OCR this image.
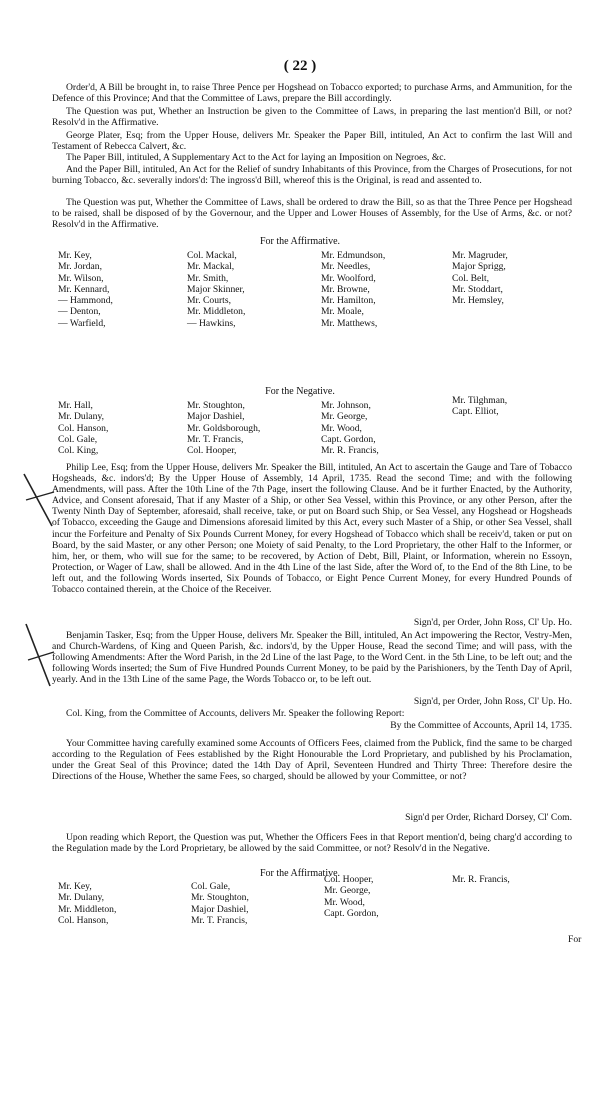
( 22 )
Order'd, A Bill be brought in, to raise Three Pence per Hogshead on Tobacco exported; to purchase Arms, and Ammunition, for the Defence of this Province; And that the Committee of Laws, prepare the Bill accordingly.
The Question was put, Whether an Instruction be given to the Committee of Laws, in preparing the last mention'd Bill, or not? Resolv'd in the Affirmative.
George Plater, Esq; from the Upper House, delivers Mr. Speaker the Paper Bill, intituled, An Act to confirm the last Will and Testament of Rebecca Calvert, &c.
The Paper Bill, intituled, A Supplementary Act to the Act for laying an Imposition on Negroes, &c.
And the Paper Bill, intituled, An Act for the Relief of sundry Inhabitants of this Province, from the Charges of Prosecutions, for not burning Tobacco, &c. severally indors'd: The ingross'd Bill, whereof this is the Original, is read and assented to.
The Question was put, Whether the Committee of Laws, shall be ordered to draw the Bill, so as that the Three Pence per Hogshead to be raised, shall be disposed of by the Governour, and the Upper and Lower Houses of Assembly, for the Use of Arms, &c. or not? Resolv'd in the Affirmative.
For the Affirmative.
Mr. Key,
Mr. Jordan,
Mr. Wilson,
Mr. Kennard,
— Hammond,
— Denton,
— Warfield,
Col. Mackal,
Mr. Mackal,
Mr. Smith,
Major Skinner,
Mr. Courts,
Mr. Middleton,
— Hawkins,
Mr. Edmundson,
Mr. Needles,
Mr. Woolford,
Mr. Browne,
Mr. Hamilton,
Mr. Moale,
Mr. Matthews,
Mr. Magruder,
Major Sprigg,
Col. Belt,
Mr. Stoddart,
Mr. Hemsley,
For the Negative.
Mr. Hall,
Mr. Dulany,
Col. Hanson,
Col. Gale,
Col. King,
Mr. Stoughton,
Major Dashiel,
Mr. Goldsborough,
Mr. T. Francis,
Col. Hooper,
Mr. Johnson,
Mr. George,
Mr. Wood,
Capt. Gordon,
Mr. R. Francis,
Mr. Tilghman,
Capt. Elliot,
Philip Lee, Esq; from the Upper House, delivers Mr. Speaker the Bill, intituled, An Act to ascertain the Gauge and Tare of Tobacco Hogsheads, &c. indors'd; By the Upper House of Assembly, 14 April, 1735. Read the second Time; and with the following Amendments, will pass. After the 10th Line of the 7th Page, insert the following Clause. And be it further Enacted, by the Authority, Advice, and Consent aforesaid, That if any Master of a Ship, or other Sea Vessel, within this Province, or any other Person, after the Twenty Ninth Day of September, aforesaid, shall receive, take, or put on Board such Ship, or Sea Vessel, any Hogshead or Hogsheads of Tobacco, exceeding the Gauge and Dimensions aforesaid limited by this Act, every such Master of a Ship, or other Sea Vessel, shall incur the Forfeiture and Penalty of Six Pounds Current Money, for every Hogshead of Tobacco which shall be receiv'd, taken or put on Board, by the said Master, or any other Person; one Moiety of said Penalty, to the Lord Proprietary, the other Half to the Informer, or him, her, or them, who will sue for the same; to be recovered, by Action of Debt, Bill, Plaint, or Information, wherein no Essoyn, Protection, or Wager of Law, shall be allowed. And in the 4th Line of the last Side, after the Word of, to the End of the 8th Line, to be left out, and the following Words inserted, Six Pounds of Tobacco, or Eight Pence Current Money, for every Hundred Pounds of Tobacco contained therein, at the Choice of the Receiver.
Sign'd, per Order, John Ross, Cl' Up. Ho.
Benjamin Tasker, Esq; from the Upper House, delivers Mr. Speaker the Bill, intituled, An Act impowering the Rector, Vestry-Men, and Church-Wardens, of King and Queen Parish, &c. indors'd, by the Upper House, Read the second Time; and will pass, with the following Amendments: After the Word Parish, in the 2d Line of the last Page, to the Word Cent. in the 5th Line, to be left out; and the following Words inserted; the Sum of Five Hundred Pounds Current Money, to be paid by the Parishioners, by the Tenth Day of April, yearly. And in the 13th Line of the same Page, the Words Tobacco or, to be left out.
Sign'd, per Order, John Ross, Cl' Up. Ho.
Col. King, from the Committee of Accounts, delivers Mr. Speaker the following Report:
By the Committee of Accounts, April 14, 1735.
Your Committee having carefully examined some Accounts of Officers Fees, claimed from the Publick, find the same to be charged according to the Regulation of Fees established by the Right Honourable the Lord Proprietary, and published by his Proclamation, under the Great Seal of this Province; dated the 14th Day of April, Seventeen Hundred and Thirty Three: Therefore desire the Directions of the House, Whether the same Fees, so charged, should be allowed by your Committee, or not?
Sign'd per Order, Richard Dorsey, Cl' Com.
Upon reading which Report, the Question was put, Whether the Officers Fees in that Report mention'd, being charg'd according to the Regulation made by the Lord Proprietary, be allowed by the said Committee, or not? Resolv'd in the Negative.
For the Affirmative.
Mr. Key,
Mr. Dulany,
Mr. Middleton,
Col. Hanson,
Col. Gale,
Mr. Stoughton,
Major Dashiel,
Mr. T. Francis,
Col. Hooper,
Mr. George,
Mr. Wood,
Capt. Gordon,
Mr. R. Francis,
For
